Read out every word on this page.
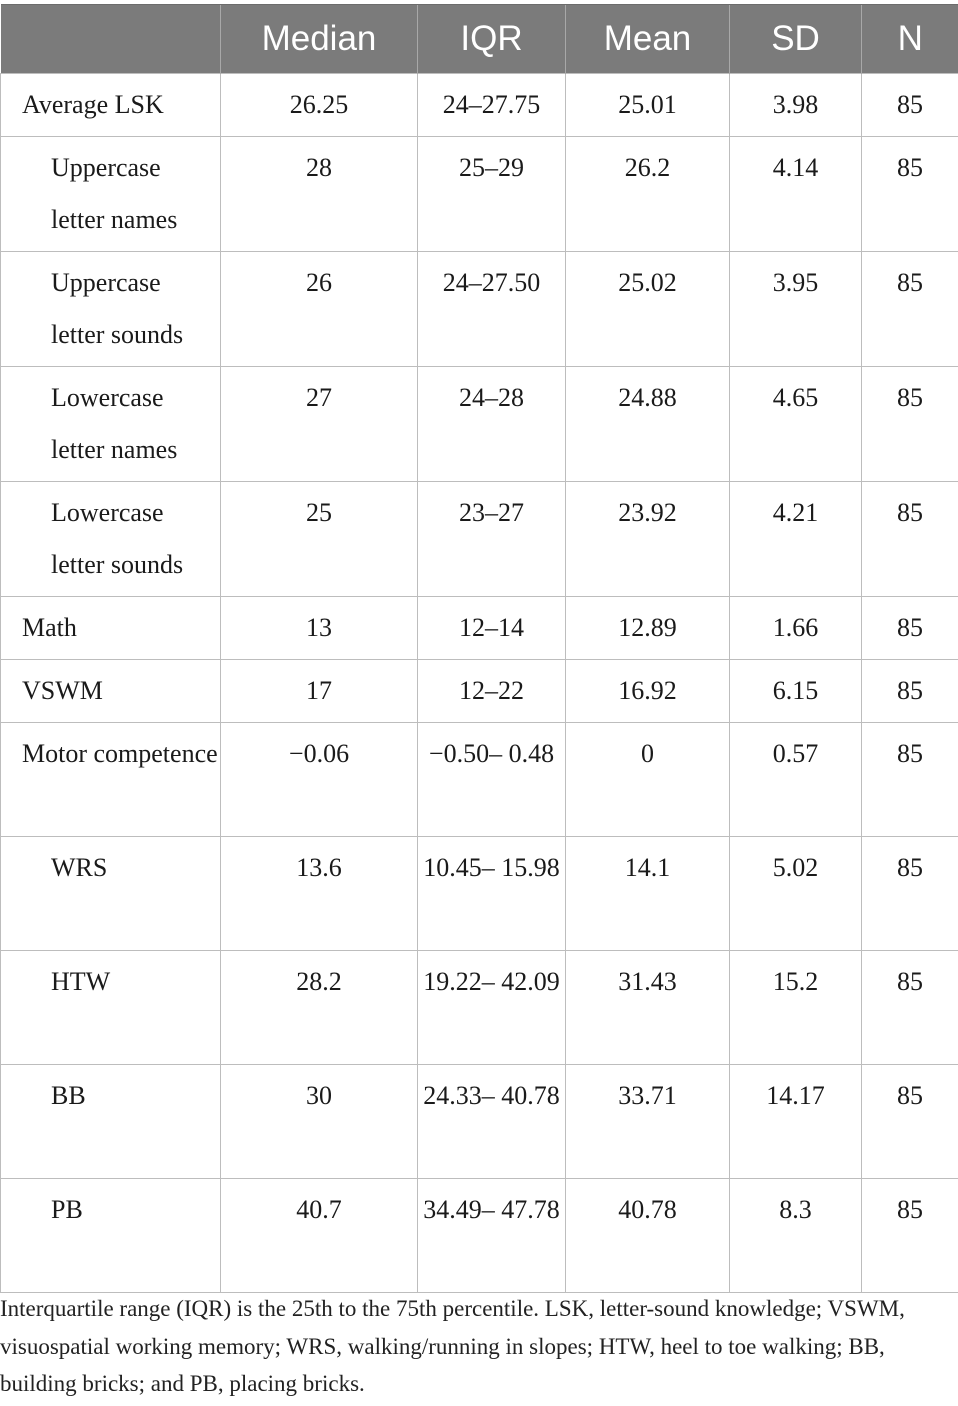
	Median	IQR	Mean	SD	N
Average LSK	26.25	24–27.75	25.01	3.98	85
Uppercase letter names	28	25–29	26.2	4.14	85
Uppercase letter sounds	26	24–27.50	25.02	3.95	85
Lowercase letter names	27	24–28	24.88	4.65	85
Lowercase letter sounds	25	23–27	23.92	4.21	85
Math	13	12–14	12.89	1.66	85
VSWM	17	12–22	16.92	6.15	85
Motor competence	−0.06	−0.50– 0.48	0	0.57	85
WRS	13.6	10.45– 15.98	14.1	5.02	85
HTW	28.2	19.22– 42.09	31.43	15.2	85
BB	30	24.33– 40.78	33.71	14.17	85
PB	40.7	34.49– 47.78	40.78	8.3	85
Interquartile range (IQR) is the 25th to the 75th percentile. LSK, letter-sound knowledge; VSWM, visuospatial working memory; WRS, walking/running in slopes; HTW, heel to toe walking; BB, building bricks; and PB, placing bricks.
